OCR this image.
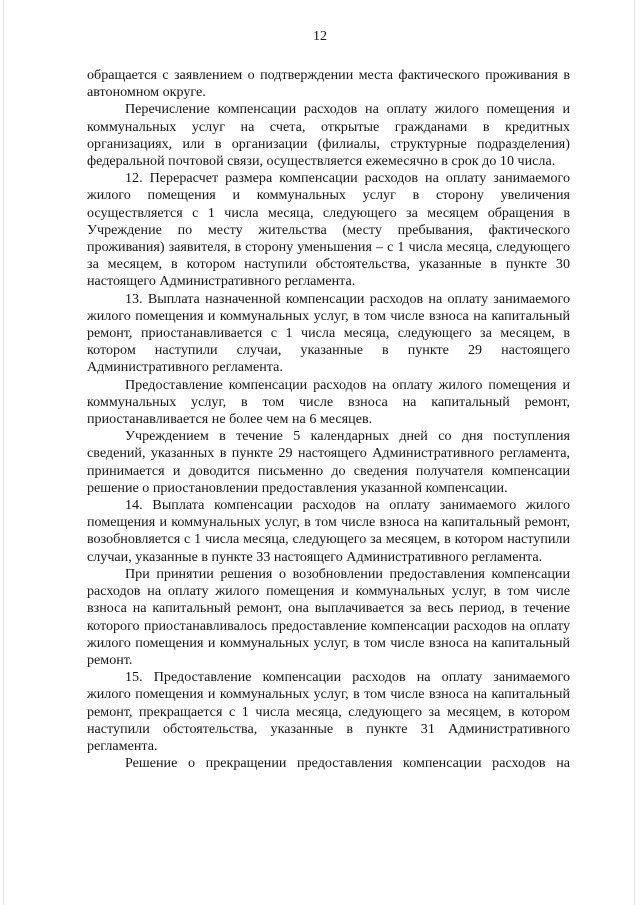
12

обращается с заявлением о подтверждении места фактического проживания в автономном округе.

Перечисление компенсации расходов на оплату жилого помещения и коммунальных услуг на счета, открытые гражданами в кредитных организациях, или в организации (филиалы, структурные подразделения) федеральной почтовой связи, осуществляется ежемесячно в срок до 10 числа.

12. Перерасчет размера компенсации расходов на оплату занимаемого жилого помещения и коммунальных услуг в сторону увеличения осуществляется с 1 числа месяца, следующего за месяцем обращения в Учреждение по месту жительства (месту пребывания, фактического проживания) заявителя, в сторону уменьшения – с 1 числа месяца, следующего за месяцем, в котором наступили обстоятельства, указанные в пункте 30 настоящего Административного регламента.

13. Выплата назначенной компенсации расходов на оплату занимаемого жилого помещения и коммунальных услуг, в том числе взноса на капитальный ремонт, приостанавливается с 1 числа месяца, следующего за месяцем, в котором наступили случаи, указанные в пункте 29 настоящего Административного регламента.

Предоставление компенсации расходов на оплату жилого помещения и коммунальных услуг, в том числе взноса на капитальный ремонт, приостанавливается не более чем на 6 месяцев.

Учреждением в течение 5 календарных дней со дня поступления сведений, указанных в пункте 29 настоящего Административного регламента, принимается и доводится письменно до сведения получателя компенсации решение о приостановлении предоставления указанной компенсации.

14. Выплата компенсации расходов на оплату занимаемого жилого помещения и коммунальных услуг, в том числе взноса на капитальный ремонт, возобновляется с 1 числа месяца, следующего за месяцем, в котором наступили случаи, указанные в пункте 33 настоящего Административного регламента.

При принятии решения о возобновлении предоставления компенсации расходов на оплату жилого помещения и коммунальных услуг, в том числе взноса на капитальный ремонт, она выплачивается за весь период, в течение которого приостанавливалось предоставление компенсации расходов на оплату жилого помещения и коммунальных услуг, в том числе взноса на капитальный ремонт.

15. Предоставление компенсации расходов на оплату занимаемого жилого помещения и коммунальных услуг, в том числе взноса на капитальный ремонт, прекращается с 1 числа месяца, следующего за месяцем, в котором наступили обстоятельства, указанные в пункте 31 Административного регламента.

Решение о прекращении предоставления компенсации расходов на
